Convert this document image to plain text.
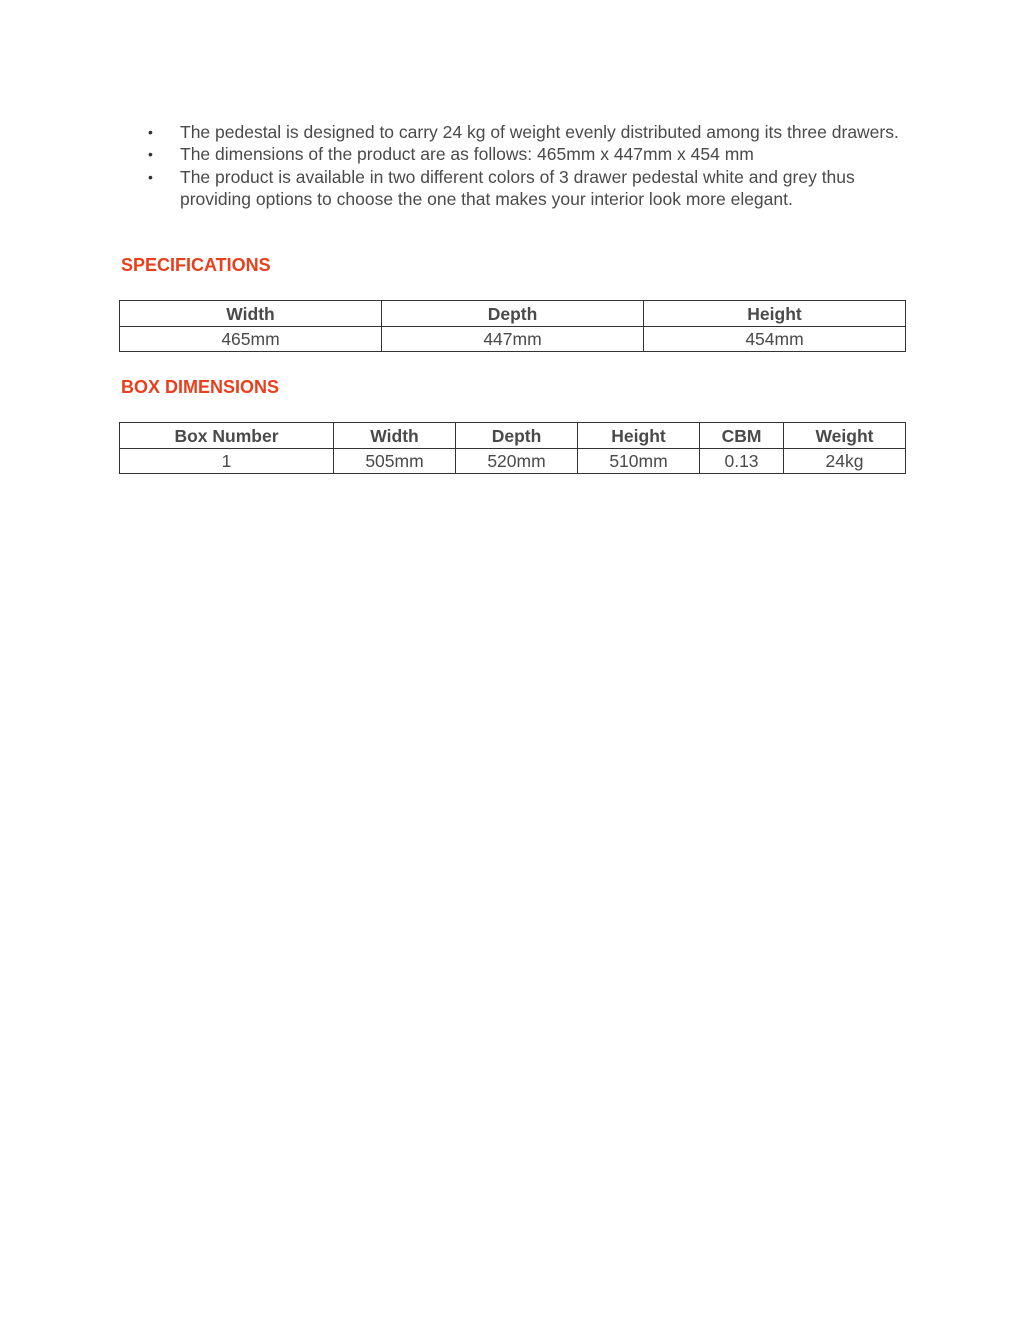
• The pedestal is designed to carry 24 kg of weight evenly distributed among its three drawers.
• The dimensions of the product are as follows: 465mm x 447mm x 454 mm
• The product is available in two different colors of 3 drawer pedestal white and grey thus providing options to choose the one that makes your interior look more elegant.
SPECIFICATIONS
Width	Depth	Height
465mm	447mm	454mm
BOX DIMENSIONS
Box Number	Width	Depth	Height	CBM	Weight
1	505mm	520mm	510mm	0.13	24kg
